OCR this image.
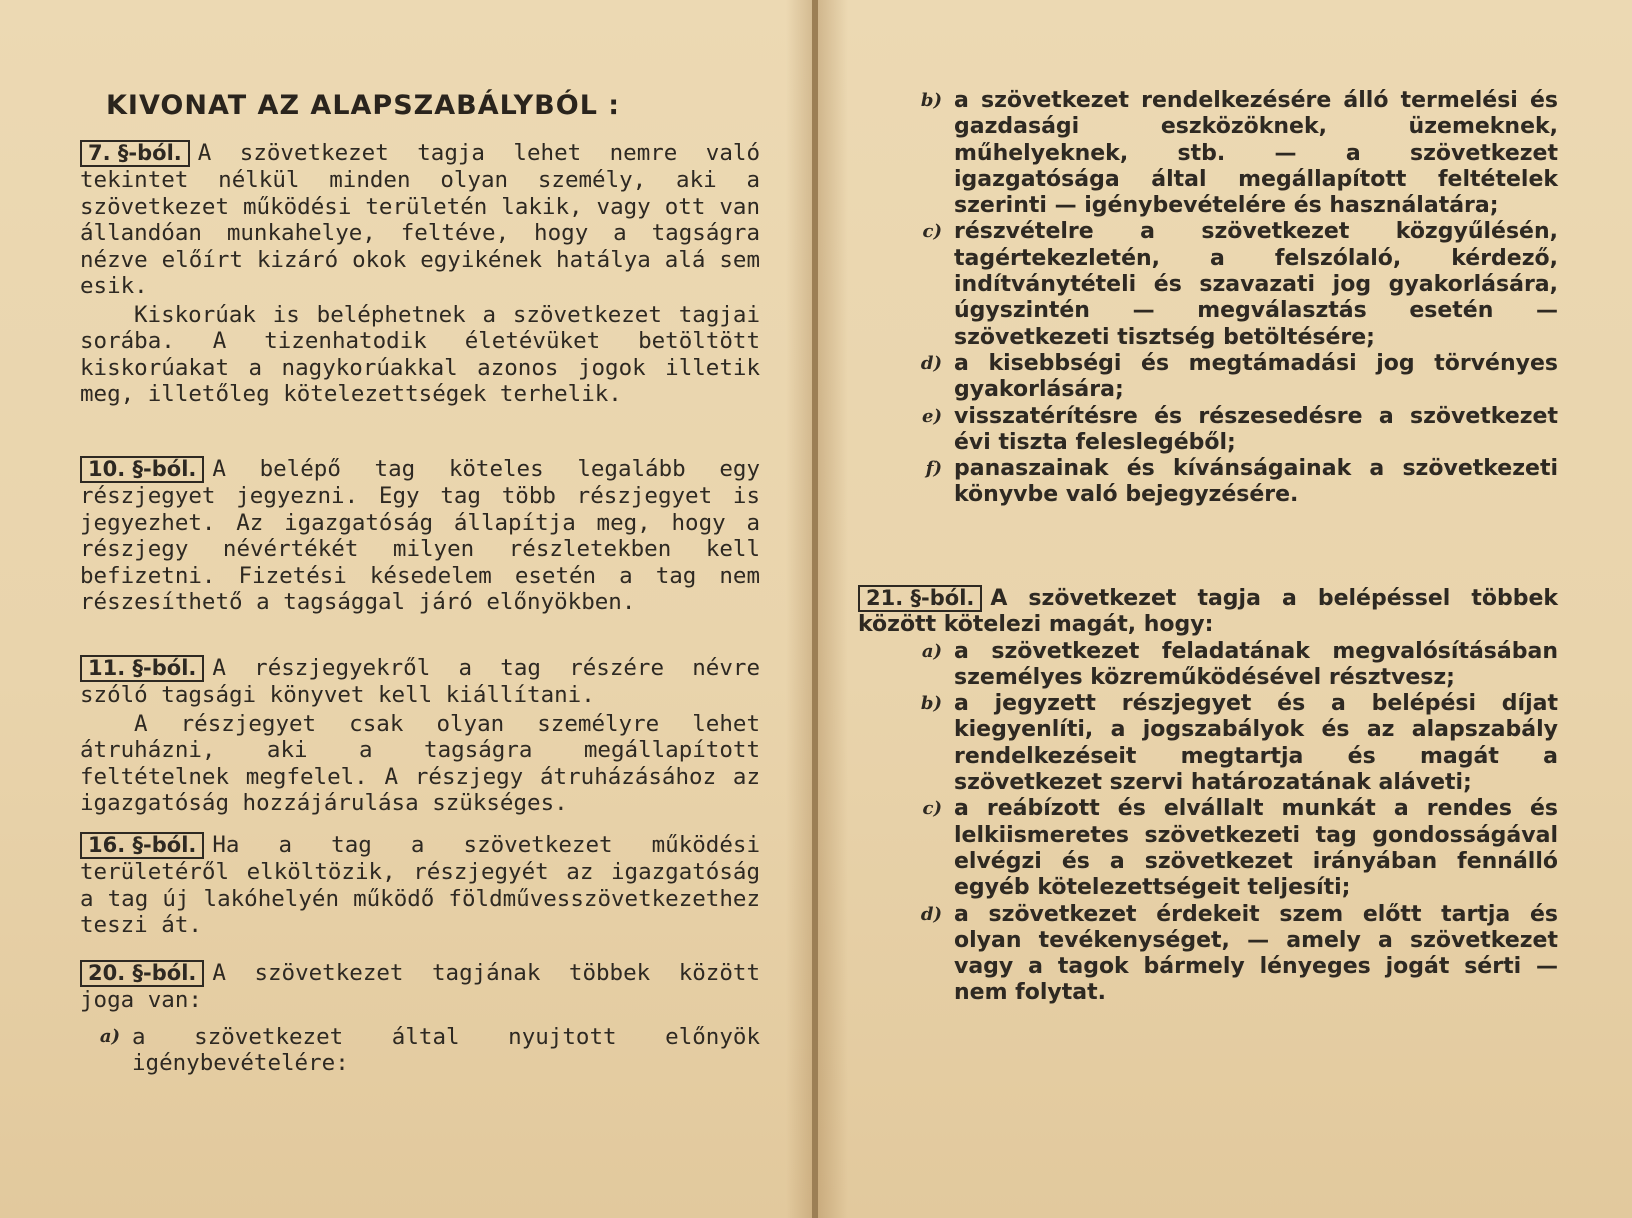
KIVONAT AZ ALAPSZABÁLYBÓL :

7. §-ból. A szövetkezet tagja lehet nemre való tekintet nélkül minden olyan személy, aki a szövetkezet működési területén lakik, vagy ott van állandóan munkahelye, feltéve, hogy a tagságra nézve előírt kizáró okok egyikének hatálya alá sem esik.

Kiskorúak is beléphetnek a szövetkezet tagjai sorába. A tizenhatodik életévüket betöltött kiskorúakat a nagykorúakkal azonos jogok illetik meg, illetőleg kötelezettségek terhelik.

10. §-ból. A belépő tag köteles legalább egy részjegyet jegyezni. Egy tag több részjegyet is jegyezhet. Az igazgatóság állapítja meg, hogy a részjegy névértékét milyen részletekben kell befizetni. Fizetési késedelem esetén a tag nem részesíthető a tagsággal járó előnyökben.

11. §-ból. A részjegyekről a tag részére névre szóló tagsági könyvet kell kiállítani.

A részjegyet csak olyan személyre lehet átruházni, aki a tagságra megállapított feltételnek megfelel. A részjegy átruházásához az igazgatóság hozzájárulása szükséges.

16. §-ból. Ha a tag a szövetkezet működési területéről elköltözik, részjegyét az igazgatóság a tag új lakóhelyén működő földművesszövetkezethez teszi át.

20. §-ból. A szövetkezet tagjának többek között joga van:

a) a szövetkezet által nyujtott előnyök igénybevételére:
b) a szövetkezet rendelkezésére álló termelési és gazdasági eszközöknek, üzemeknek, műhelyeknek, stb. — a szövetkezet igazgatósága által megállapított feltételek szerinti — igénybevételére és használatára;
c) részvételre a szövetkezet közgyűlésén, tagértekezletén, a felszólaló, kérdező, indítványtételi és szavazati jog gyakorlására, úgyszintén — megválasztás esetén — szövetkezeti tisztség betöltésére;
d) a kisebbségi és megtámadási jog törvényes gyakorlására;
e) visszatérítésre és részesedésre a szövetkezet évi tiszta feleslegéből;
f) panaszainak és kívánságainak a szövetkezeti könyvbe való bejegyzésére.

21. §-ból. A szövetkezet tagja a belépéssel többek között kötelezi magát, hogy:

a) a szövetkezet feladatának megvalósításában személyes közreműködésével résztvesz;
b) a jegyzett részjegyet és a belépési díjat kiegyenlíti, a jogszabályok és az alapszabály rendelkezéseit megtartja és magát a szövetkezet szervi határozatának aláveti;
c) a reábízott és elvállalt munkát a rendes és lelkiismeretes szövetkezeti tag gondosságával elvégzi és a szövetkezet irányában fennálló egyéb kötelezettségeit teljesíti;
d) a szövetkezet érdekeit szem előtt tartja és olyan tevékenységet, — amely a szövetkezet vagy a tagok bármely lényeges jogát sérti — nem folytat.
